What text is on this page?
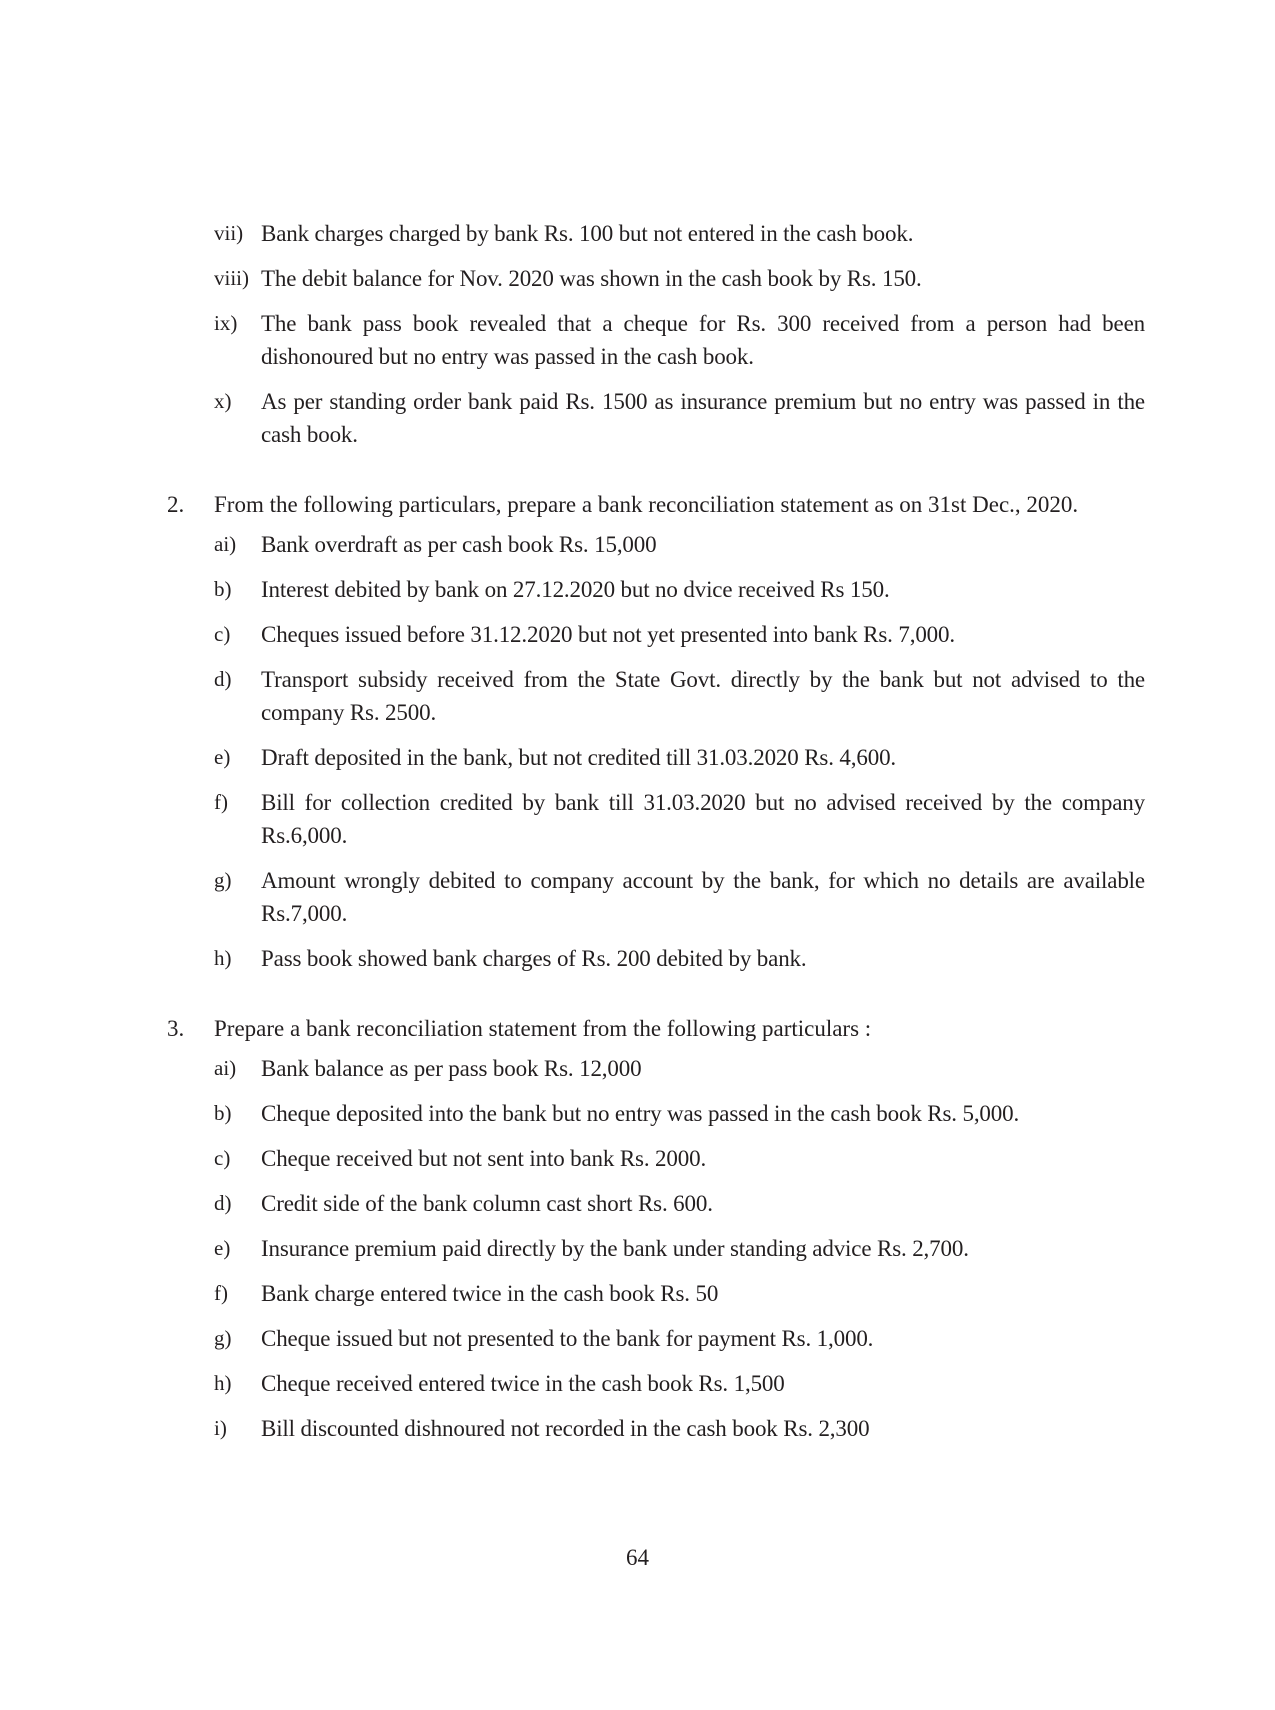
vii) Bank charges charged by bank Rs. 100 but not entered in the cash book.
viii) The debit balance for Nov. 2020 was shown in the cash book by Rs. 150.
ix)	The bank pass book revealed that a cheque for Rs. 300 received from a person had been dishonoured but no entry was passed in the cash book.
x)	As per standing order bank paid Rs. 1500 as insurance premium but no entry was passed in the cash book.
2.	From the following particulars, prepare a bank reconciliation statement as on 31st Dec., 2020.
ai)	Bank overdraft as per cash book Rs. 15,000
b)	Interest debited by bank on 27.12.2020 but no dvice received Rs 150.
c)	Cheques issued before 31.12.2020 but not yet presented into bank Rs. 7,000.
d)	Transport subsidy received from the State Govt. directly by the bank but not advised to the company Rs. 2500.
e)	Draft deposited in the bank, but not credited till 31.03.2020 Rs. 4,600.
f)	Bill for collection credited by bank till 31.03.2020 but no advised received by the company Rs.6,000.
g)	Amount wrongly debited to company account by the bank, for which no details are available Rs.7,000.
h)	Pass book showed bank charges of Rs. 200 debited by bank.
3.	Prepare a bank reconciliation statement from the following particulars :
ai)	Bank balance as per pass book Rs. 12,000
b)	Cheque deposited into the bank but no entry was passed in the cash book Rs. 5,000.
c)	Cheque received but not sent into bank Rs. 2000.
d)	Credit side of the bank column cast short Rs. 600.
e)	Insurance premium paid directly by the bank under standing advice Rs. 2,700.
f)	Bank charge entered twice in the cash book Rs. 50
g)	Cheque issued but not presented to the bank for payment Rs. 1,000.
h)	Cheque received entered twice in the cash book Rs. 1,500
i)	Bill discounted dishnoured not recorded in the cash book Rs. 2,300
64
